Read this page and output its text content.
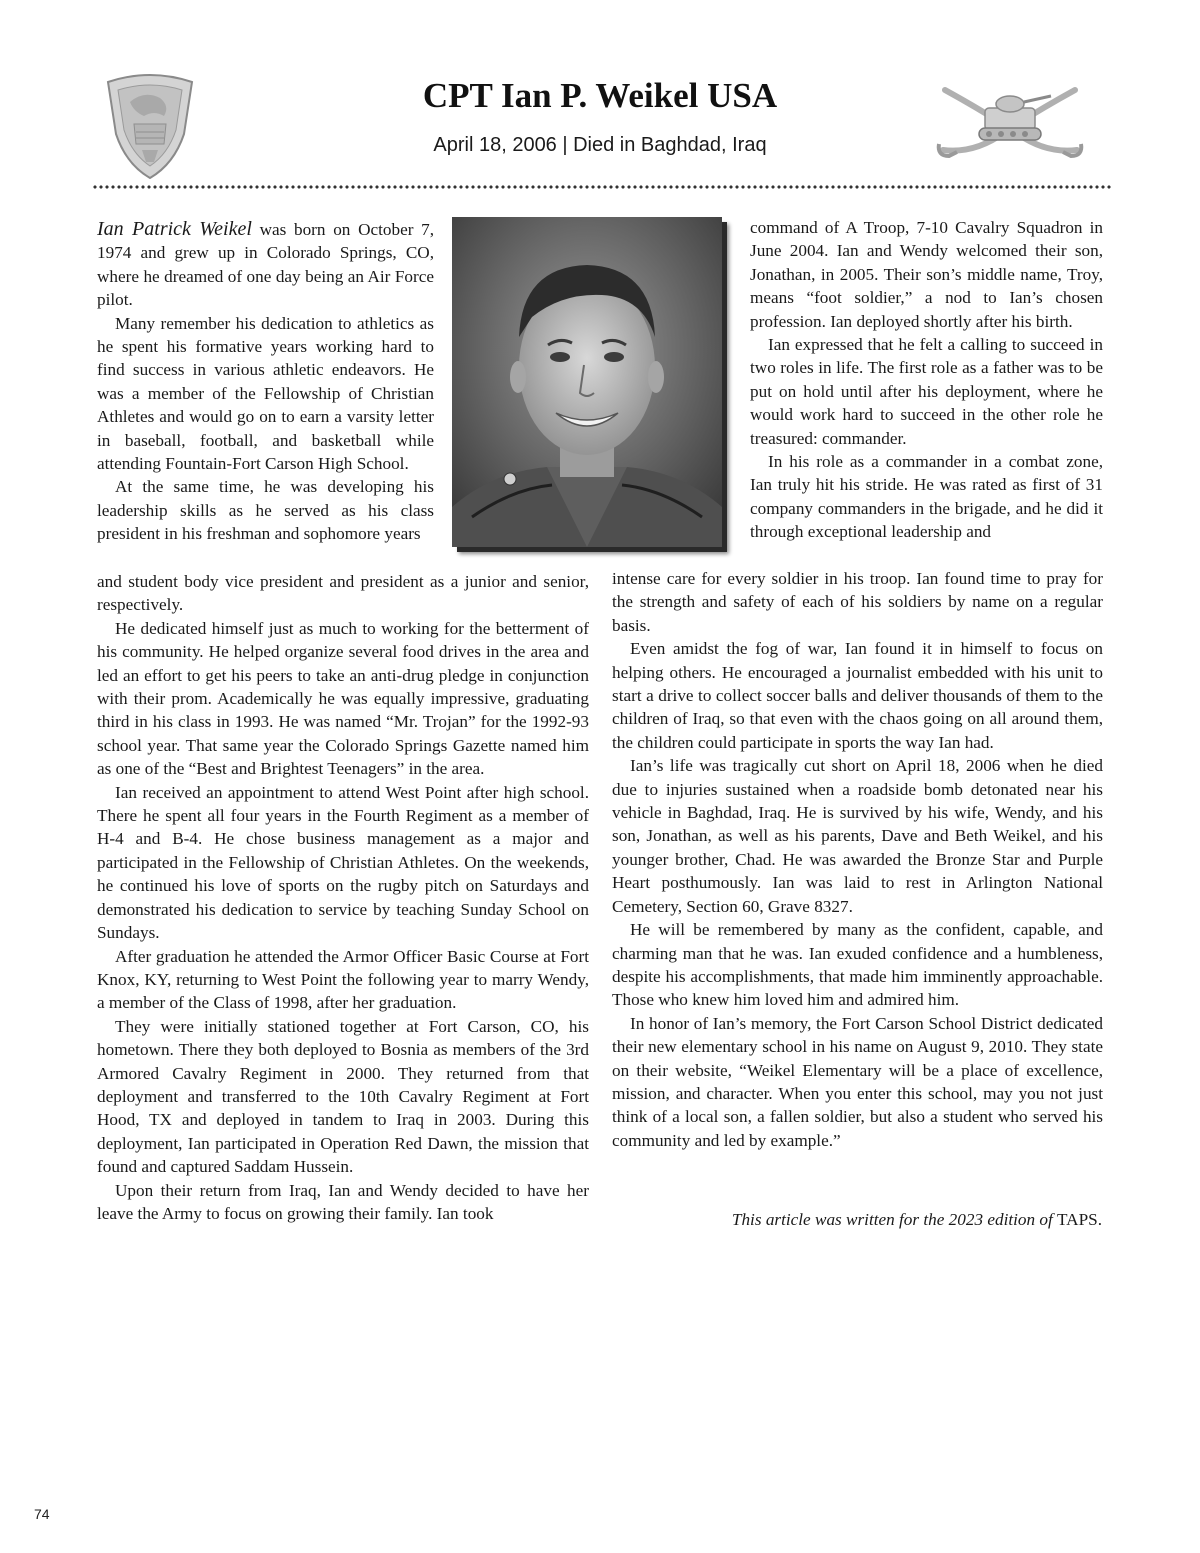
CPT Ian P. Weikel USA

April 18, 2006 | Died in Baghdad, Iraq

Ian Patrick Weikel was born on October 7, 1974 and grew up in Colorado Springs, CO, where he dreamed of one day being an Air Force pilot.

Many remember his dedication to athletics as he spent his formative years working hard to find success in various athletic endeavors. He was a member of the Fellowship of Christian Athletes and would go on to earn a varsity letter in baseball, football, and basketball while attending Fountain-Fort Carson High School.

At the same time, he was developing his leadership skills as he served as his class president in his freshman and sophomore years

and student body vice president and president as a junior and senior, respectively.

He dedicated himself just as much to working for the betterment of his community. He helped organize several food drives in the area and led an effort to get his peers to take an anti-drug pledge in conjunction with their prom. Academically he was equally impressive, graduating third in his class in 1993. He was named “Mr. Trojan” for the 1992-93 school year. That same year the Colorado Springs Gazette named him as one of the “Best and Brightest Teenagers” in the area.

Ian received an appointment to attend West Point after high school. There he spent all four years in the Fourth Regiment as a member of H-4 and B-4. He chose business management as a major and participated in the Fellowship of Christian Athletes. On the weekends, he continued his love of sports on the rugby pitch on Saturdays and demonstrated his dedication to service by teaching Sunday School on Sundays.

After graduation he attended the Armor Officer Basic Course at Fort Knox, KY, returning to West Point the following year to marry Wendy, a member of the Class of 1998, after her graduation.

They were initially stationed together at Fort Carson, CO, his hometown. There they both deployed to Bosnia as members of the 3rd Armored Cavalry Regiment in 2000. They returned from that deployment and transferred to the 10th Cavalry Regiment at Fort Hood, TX and deployed in tandem to Iraq in 2003. During this deployment, Ian participated in Operation Red Dawn, the mission that found and captured Saddam Hussein.

Upon their return from Iraq, Ian and Wendy decided to have her leave the Army to focus on growing their family. Ian took

command of A Troop, 7-10 Cavalry Squadron in June 2004. Ian and Wendy welcomed their son, Jonathan, in 2005. Their son’s middle name, Troy, means “foot soldier,” a nod to Ian’s chosen profession. Ian deployed shortly after his birth.

Ian expressed that he felt a calling to succeed in two roles in life. The first role as a father was to be put on hold until after his deployment, where he would work hard to succeed in the other role he treasured: commander.

In his role as a commander in a combat zone, Ian truly hit his stride. He was rated as first of 31 company commanders in the brigade, and he did it through exceptional leadership and

intense care for every soldier in his troop. Ian found time to pray for the strength and safety of each of his soldiers by name on a regular basis.

Even amidst the fog of war, Ian found it in himself to focus on helping others. He encouraged a journalist embedded with his unit to start a drive to collect soccer balls and deliver thousands of them to the children of Iraq, so that even with the chaos going on all around them, the children could participate in sports the way Ian had.

Ian’s life was tragically cut short on April 18, 2006 when he died due to injuries sustained when a roadside bomb detonated near his vehicle in Baghdad, Iraq. He is survived by his wife, Wendy, and his son, Jonathan, as well as his parents, Dave and Beth Weikel, and his younger brother, Chad. He was awarded the Bronze Star and Purple Heart posthumously. Ian was laid to rest in Arlington National Cemetery, Section 60, Grave 8327.

He will be remembered by many as the confident, capable, and charming man that he was. Ian exuded confidence and a humbleness, despite his accomplishments, that made him imminently approachable. Those who knew him loved him and admired him.

In honor of Ian’s memory, the Fort Carson School District dedicated their new elementary school in his name on August 9, 2010. They state on their website, “Weikel Elementary will be a place of excellence, mission, and character. When you enter this school, may you not just think of a local son, a fallen soldier, but also a student who served his community and led by example.”

This article was written for the 2023 edition of TAPS.

74
